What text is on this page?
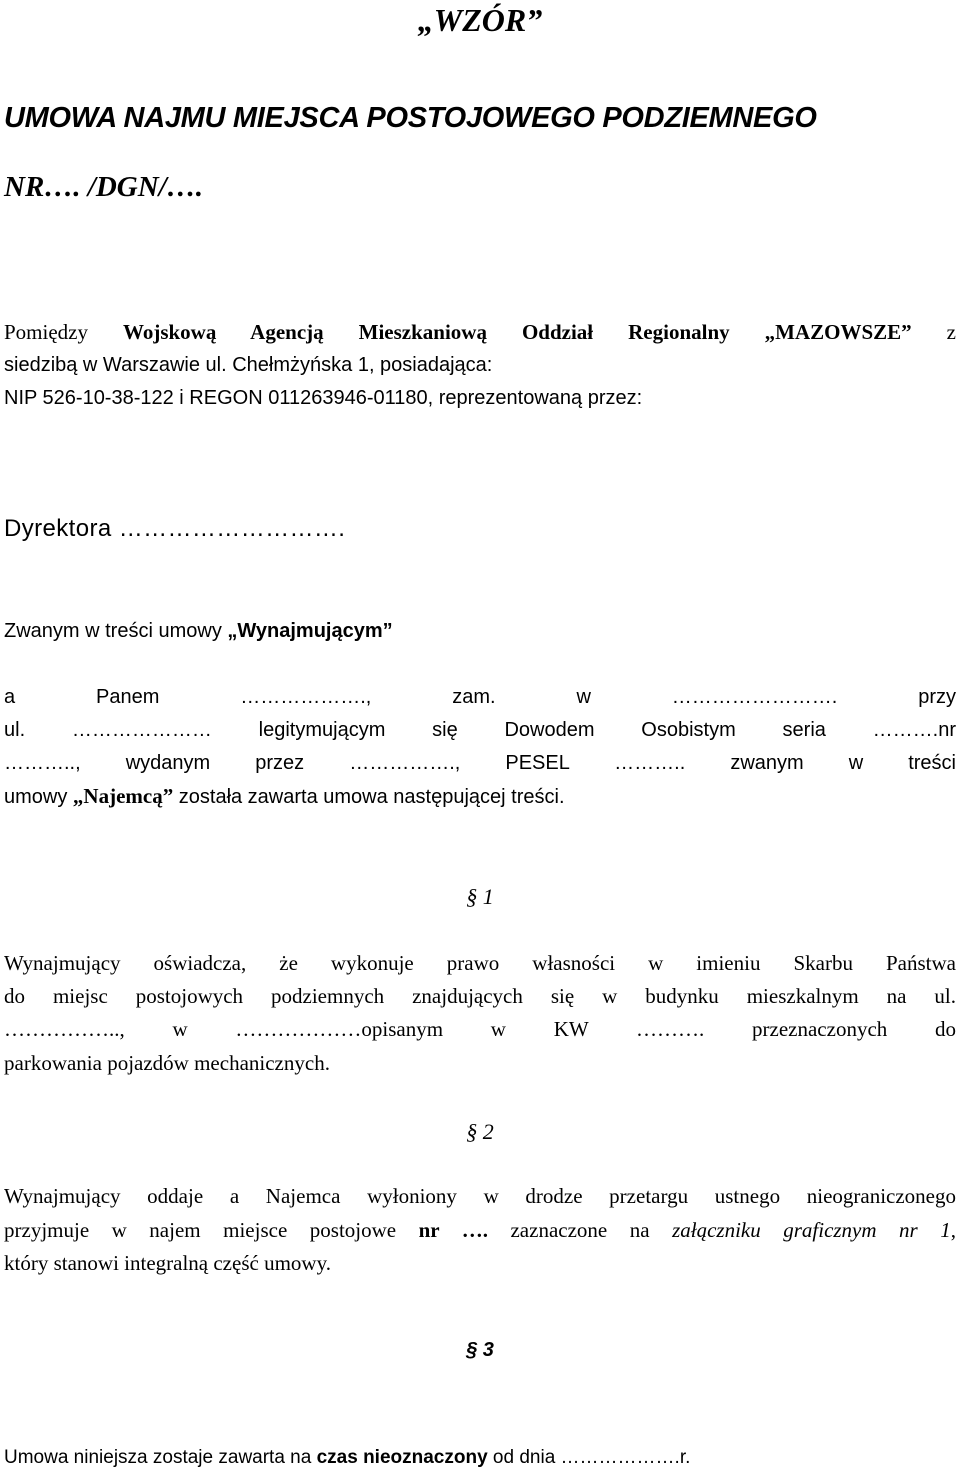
„WZÓR”
UMOWA NAJMU MIEJSCA POSTOJOWEGO PODZIEMNEGO
NR…. /DGN/….
Pomiędzy Wojskową Agencją Mieszkaniową Oddział Regionalny „MAZOWSZE” z
siedzibą w Warszawie ul. Chełmżyńska 1, posiadająca:
NIP 526-10-38-122 i REGON 011263946-01180, reprezentowaną przez:
Dyrektora ……………………….
Zwanym w treści umowy „Wynajmującym”
a Panem ………………., zam. w ……………………. przy
ul. ………………… legitymującym się Dowodem Osobistym seria ……….nr
……….., wydanym przez ……………., PESEL ……….. zwanym w treści
umowy „Najemcą” została zawarta umowa następującej treści.
§ 1
Wynajmujący oświadcza, że wykonuje prawo własności w imieniu Skarbu Państwa
do miejsc postojowych podziemnych znajdujących się w budynku mieszkalnym na ul.
…………….., w ………………opisanym w KW ………. przeznaczonych do
parkowania pojazdów mechanicznych.
§ 2
Wynajmujący oddaje a Najemca wyłoniony w drodze przetargu ustnego nieograniczonego
przyjmuje w najem miejsce postojowe nr …. zaznaczone na załączniku graficznym nr 1,
który stanowi integralną część umowy.
§ 3
Umowa niniejsza zostaje zawarta na czas nieoznaczony od dnia ……………….r.
